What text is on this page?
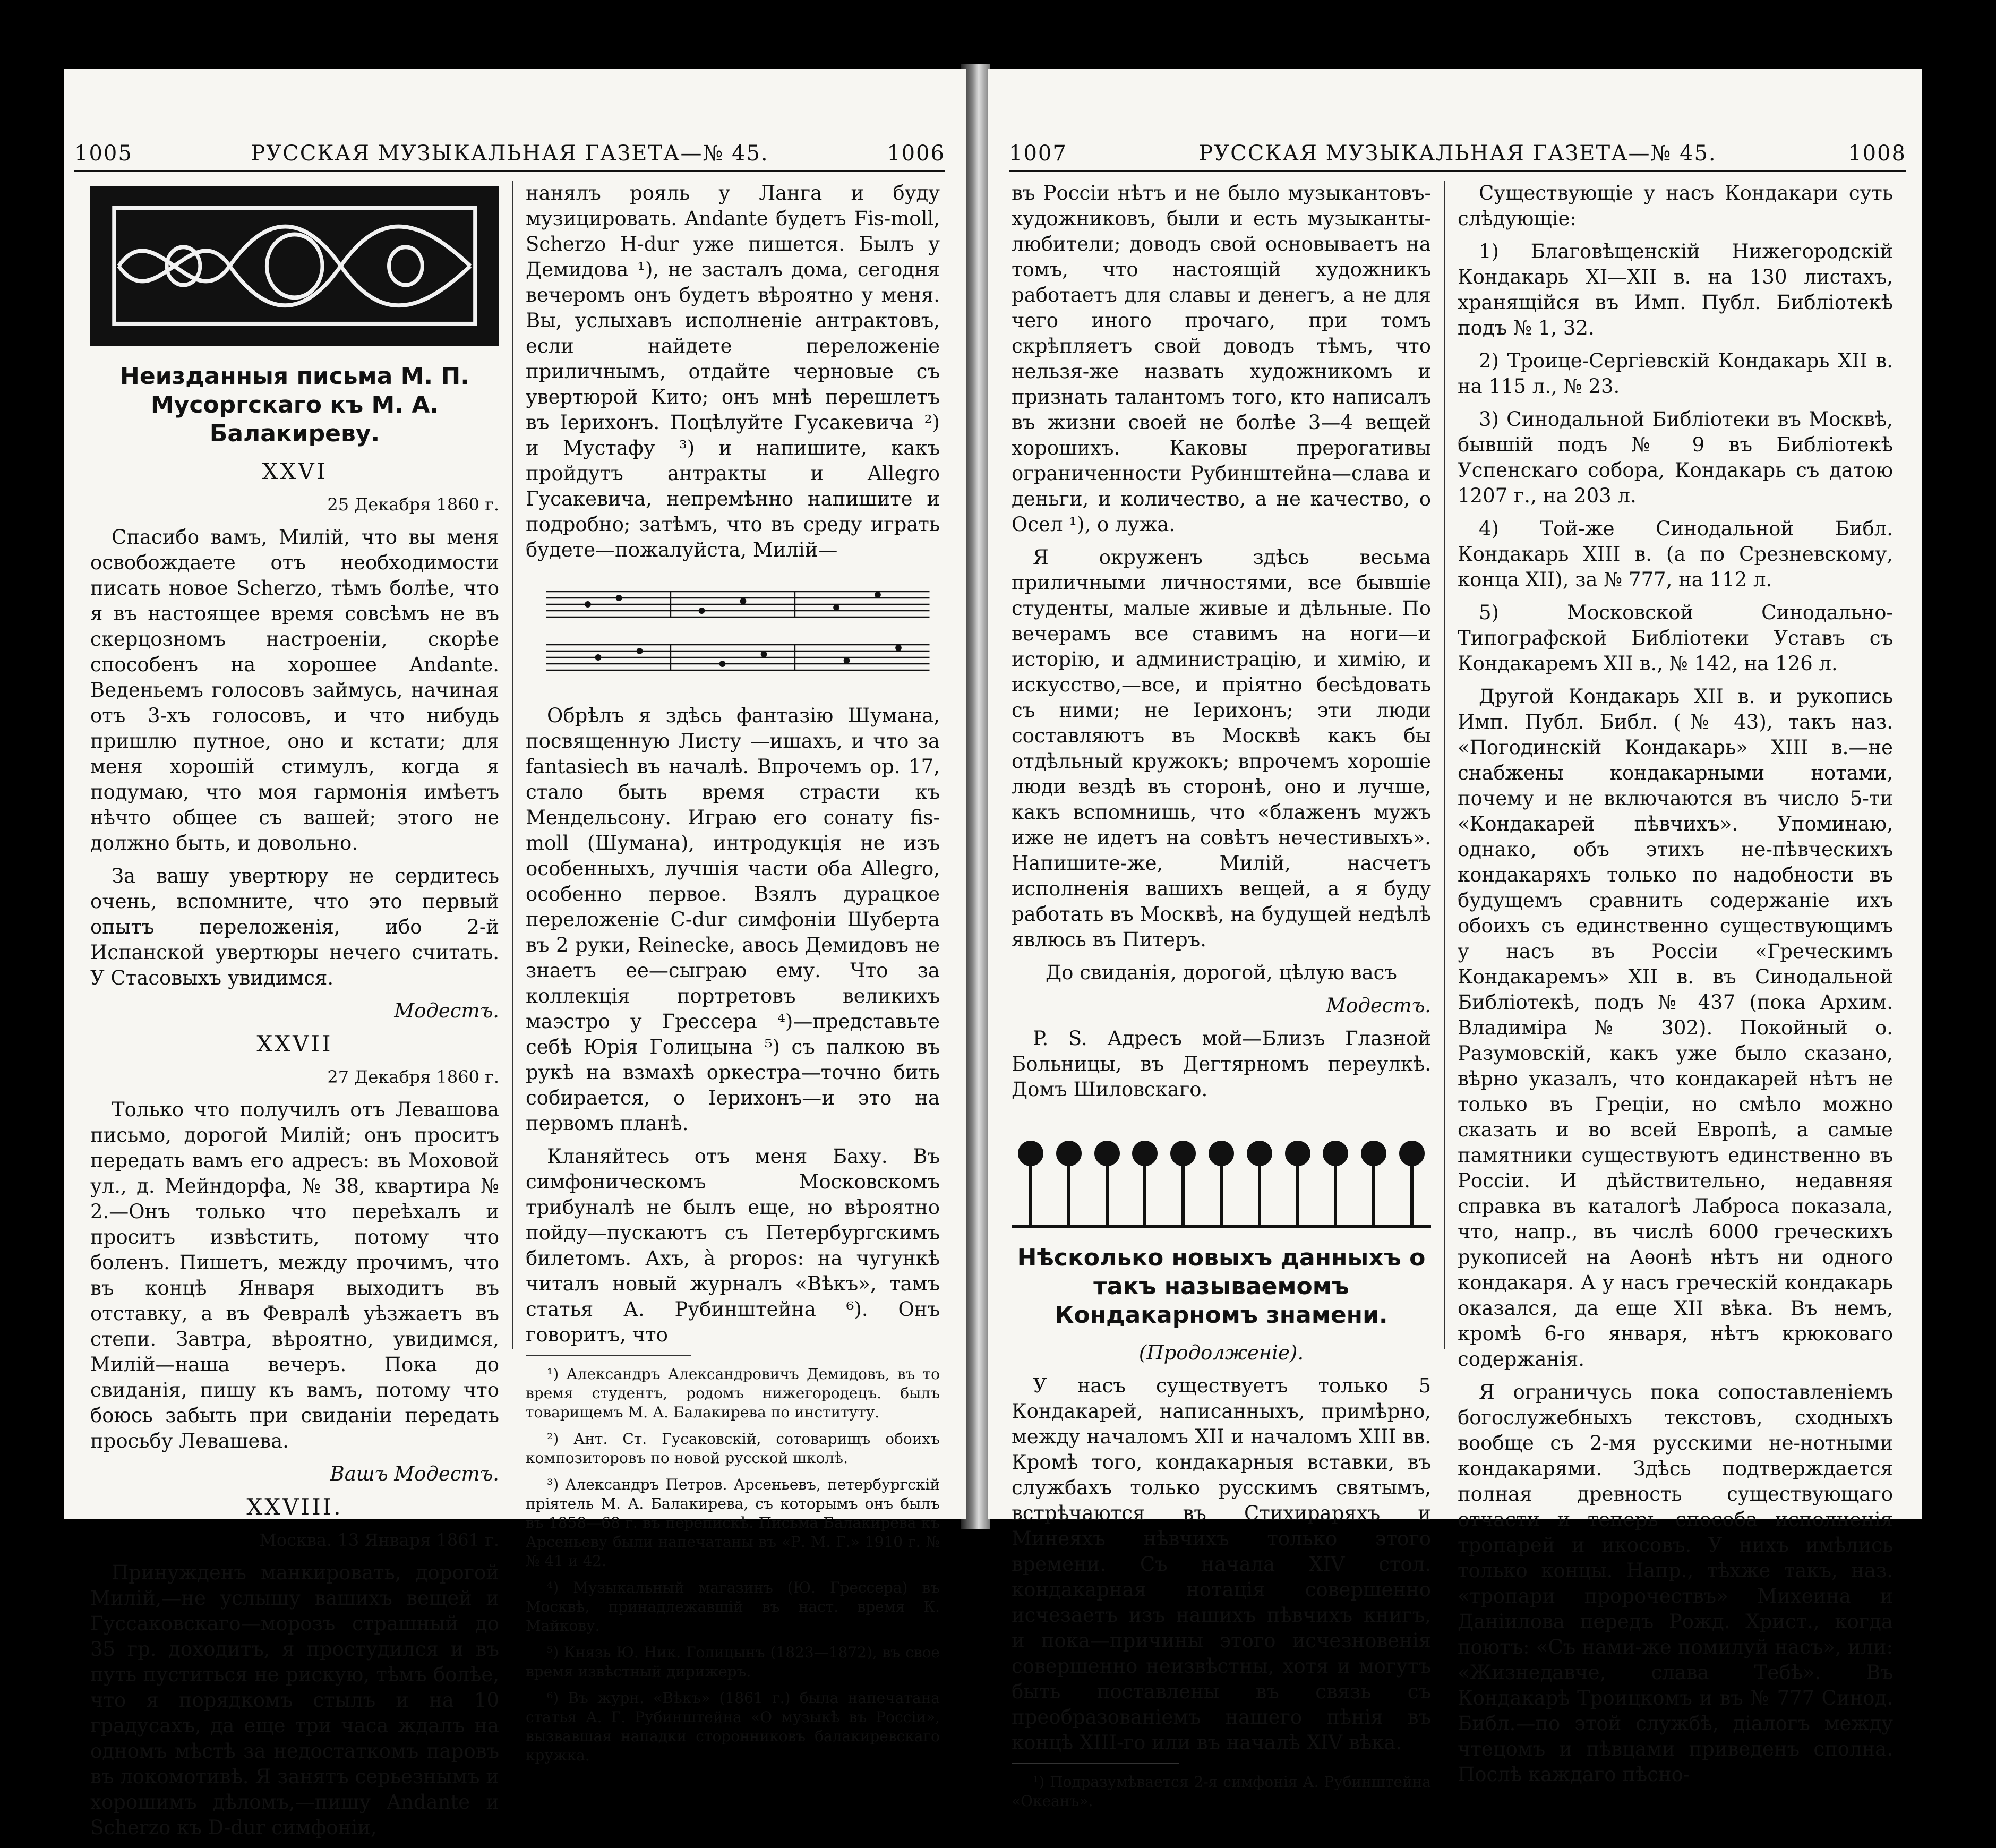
1005	РУССКАЯ МУЗЫКАЛЬНАЯ ГАЗЕТА—№ 45.	1006
Неизданныя письма М. П. Мусоргскаго къ М. А. Балакиреву.

XXVI

25 Декабря 1860 г.

Спасибо вамъ, Милій, что вы меня освобождаете отъ необходимости писать новое Scherzo, тѣмъ болѣе, что я въ настоящее время совсѣмъ не въ скерцозномъ настроеніи, скорѣе способенъ на хорошее Andante. Веденьемъ голосовъ займусь, начиная отъ 3-хъ голосовъ, и что нибудь пришлю путное, оно и кстати; для меня хорошій стимулъ, когда я подумаю, что моя гармонія имѣетъ нѣчто общее съ вашей; этого не должно быть, и довольно.

За вашу увертюру не сердитесь очень, вспомните, что это первый опытъ переложенія, ибо 2-й Испанской увертюры нечего считать. У Стасовыхъ увидимся.

Модестъ.

XXVII

27 Декабря 1860 г.

Только что получилъ отъ Левашова письмо, дорогой Милій; онъ проситъ передать вамъ его адресъ: въ Моховой ул., д. Мейндорфа, № 38, квартира № 2.—Онъ только что переѣхалъ и проситъ извѣстить, потому что боленъ. Пишетъ, между прочимъ, что въ концѣ Января выходитъ въ отставку, а въ Февралѣ уѣзжаетъ въ степи. Завтра, вѣроятно, увидимся, Милій—наша вечеръ. Пока до свиданія, пишу къ вамъ, потому что боюсь забыть при свиданіи передать просьбу Левашева.

Вашъ Модестъ.

XXVIII.

Москва. 13 Января 1861 г.

Принужденъ манкировать, дорогой Милій,—не услышу вашихъ вещей и Гуссаковскаго—морозъ страшный до 35 гр. доходитъ, я простудился и въ путь пуститься не рискую, тѣмъ болѣе, что я порядкомъ стылъ и на 10 градусахъ, да еще три часа ждалъ на одномъ мѣстѣ за недостаткомъ паровъ въ локомотивѣ. Я занятъ серьезнымъ и хорошимъ дѣломъ,—пишу Andante и Scherzo къ D-dur симфоніи,

нанялъ рояль у Ланга и буду музицировать. Andante будетъ Fis-moll, Scherzo H-dur уже пишется. Былъ у Демидова ¹), не засталъ дома, сегодня вечеромъ онъ будетъ вѣроятно у меня. Вы, услыхавъ исполненіе антрактовъ, если найдете переложеніе приличнымъ, отдайте черновые съ увертюрой Кито; онъ мнѣ перешлетъ въ Іерихонъ. Поцѣлуйте Гусакевича ²) и Мустафу ³) и напишите, какъ пройдутъ антракты и Allegro Гусакевича, непремѣнно напишите и подробно; затѣмъ, что въ среду играть будете—пожалуйста, Милій—

Обрѣлъ я здѣсь фантазію Шумана, посвященную Листу —ишахъ, и что за fantasiech въ началѣ. Впрочемъ ор. 17, стало быть время страсти къ Мендельсону. Играю его сонату fis-moll (Шумана), интродукція не изъ особенныхъ, лучшія части оба Allegro, особенно первое. Взялъ дурацкое переложеніе C-dur симфоніи Шуберта въ 2 руки, Reinecke, авось Демидовъ не знаетъ ее—сыграю ему. Что за коллекція портретовъ великихъ маэстро у Грессера ⁴)—представьте себѣ Юрія Голицына ⁵) съ палкою въ рукѣ на взмахѣ оркестра—точно бить собирается, о Іерихонъ—и это на первомъ планѣ.

Кланяйтесь отъ меня Баху. Въ симфоническомъ Московскомъ трибуналѣ не былъ еще, но вѣроятно пойду—пускаютъ съ Петербургскимъ билетомъ. Ахъ, à propos: на чугункѣ читалъ новый журналъ «Вѣкъ», тамъ статья А. Рубинштейна ⁶). Онъ говоритъ, что

¹) Александръ Александровичъ Демидовъ, въ то время студентъ, родомъ нижегородецъ. былъ товарищемъ М. А. Балакирева по институту.

²) Ант. Ст. Гусаковскій, сотоварищъ обоихъ композиторовъ по новой русской школѣ.

³) Александръ Петров. Арсеньевъ, петербургскій пріятель М. А. Балакирева, съ которымъ онъ былъ въ 1858—68 г. въ перепискѣ. Письма Балакирева къ Арсеньеву были напечатаны въ «Р. М. Г.» 1910 г. №№ 41 и 42.

⁴) Музыкальный магазинъ (Ю. Грессера) въ Москвѣ, принадлежавшій въ наст. время К. Майкову.

⁵) Князь Ю. Ник. Голицынъ (1823—1872), въ свое время извѣстный дирижеръ.

⁶) Въ журн. «Вѣкъ» (1861 г.) была напечатана статья А. Г. Рубинштейна «О музыкѣ въ Россіи», вызвавшая нападки сторонниковъ балакиревскаго кружка.

1007	РУССКАЯ МУЗЫКАЛЬНАЯ ГАЗЕТА—№ 45.	1008

въ Россіи нѣтъ и не было музыкантовъ-художниковъ, были и есть музыканты-любители; доводъ свой основываетъ на томъ, что настоящій художникъ работаетъ для славы и денегъ, а не для чего иного прочаго, при томъ скрѣпляетъ свой доводъ тѣмъ, что нельзя-же назвать художникомъ и признать талантомъ того, кто написалъ въ жизни своей не болѣе 3—4 вещей хорошихъ. Каковы прерогативы ограниченности Рубинштейна—слава и деньги, и количество, а не качество, о Осел ¹), о лужа.

Я окруженъ здѣсь весьма приличными личностями, все бывшіе студенты, малые живые и дѣльные. По вечерамъ все ставимъ на ноги—и исторію, и администрацію, и химію, и искусство,—все, и пріятно бесѣдовать съ ними; не Іерихонъ; эти люди составляютъ въ Москвѣ какъ бы отдѣльный кружокъ; впрочемъ хорошіе люди вездѣ въ сторонѣ, оно и лучше, какъ вспомнишь, что «блаженъ мужъ иже не идетъ на совѣтъ нечестивыхъ». Напишите-же, Милій, насчетъ исполненія вашихъ вещей, а я буду работать въ Москвѣ, на будущей недѣлѣ явлюсь въ Питеръ.

До свиданія, дорогой, цѣлую васъ

Модестъ.

P. S. Адресъ мой—Близъ Глазной Больницы, въ Дегтярномъ переулкѣ. Домъ Шиловскаго.

Нѣсколько новыхъ данныхъ о такъ называемомъ Кондакарномъ знамени.

(Продолженіе).

У насъ существуетъ только 5 Кондакарей, написанныхъ, примѣрно, между началомъ XII и началомъ XIII вв. Кромѣ того, кондакарныя вставки, въ службахъ только русскимъ святымъ, встрѣчаются въ Стихираряхъ и Минеяхъ нѣвчихъ только этого времени. Съ начала XIV стол. кондакарная нотація совершенно исчезаетъ изъ нашихъ пѣвчихъ книгъ, и пока—причины этого исчезновенія совершенно неизвѣстны, хотя и могутъ быть поставлены въ связь съ преобразованіемъ нашего пѣнія въ концѣ XIII-го или въ началѣ XIV вѣка.

¹) Подразумѣвается 2-я симфонія А. Рубинштейна «Океанъ».

Существующіе у насъ Кондакари суть слѣдующіе:

1) Благовѣщенскій Нижегородскій Кондакарь XI—XII в. на 130 листахъ, хранящійся въ Имп. Публ. Библіотекѣ подъ № 1, 32.

2) Троице-Сергіевскій Кондакарь XII в. на 115 л., № 23.

3) Синодальной Библіотеки въ Москвѣ, бывшій подъ № 9 въ Библіотекѣ Успенскаго собора, Кондакарь съ датою 1207 г., на 203 л.

4) Той-же Синодальной Библ. Кондакарь XIII в. (а по Срезневскому, конца XII), за № 777, на 112 л.

5) Московской Синодально-Типографской Библіотеки Уставъ съ Кондакаремъ XII в., № 142, на 126 л.

Другой Кондакарь XII в. и рукопись Имп. Публ. Библ. (№ 43), такъ наз. «Погодинскій Кондакарь» XIII в.—не снабжены кондакарными нотами, почему и не включаются въ число 5-ти «Кондакарей пѣвчихъ». Упоминаю, однако, объ этихъ не-пѣвческихъ кондакаряхъ только по надобности въ будущемъ сравнить содержаніе ихъ обоихъ съ единственно существующимъ у насъ въ Россіи «Греческимъ Кондакаремъ» XII в. въ Синодальной Библіотекѣ, подъ № 437 (пока Архим. Владиміра № 302). Покойный о. Разумовскій, какъ уже было сказано, вѣрно указалъ, что кондакарей нѣтъ не только въ Греціи, но смѣло можно сказать и во всей Европѣ, а самые памятники существуютъ единственно въ Россіи. И дѣйствительно, недавняя справка въ каталогѣ Лаброса показала, что, напр., въ числѣ 6000 греческихъ рукописей на Аѳонѣ нѣтъ ни одного кондакаря. А у насъ греческій кондакарь оказался, да еще XII вѣка. Въ немъ, кромѣ 6-го января, нѣтъ крюковаго содержанія.

Я ограничусь пока сопоставленіемъ богослужебныхъ текстовъ, сходныхъ вообще съ 2-мя русскими не-нотными кондакарями. Здѣсь подтверждается полная древность существующаго отчасти и теперь способа исполненія тропарей и икосовъ. У нихъ имѣлись только концы. Напр., тѣхже такъ, наз. «тропари пророчествъ» Михеина и Даніилова передъ Рожд. Христ., когда поютъ: «Съ нами-же помилуй насъ», или: «Жизнедавче, слава Тебѣ». Въ Кондакарѣ Троицкомъ и въ № 777 Синод. Библ.—по этой службѣ, діалогъ между чтецомъ и пѣвцами приведенъ сполна. Послѣ каждаго пѣсно-
